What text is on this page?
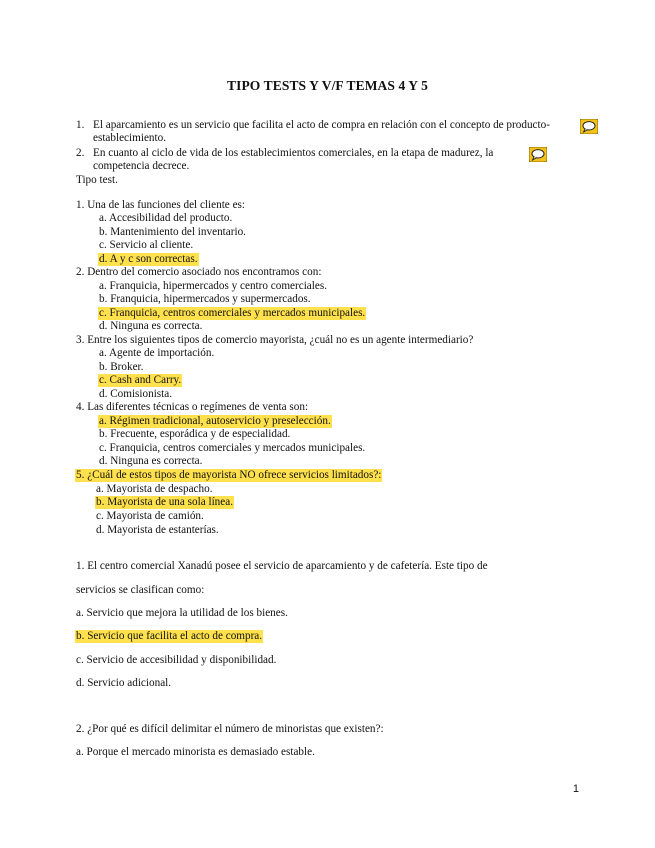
TIPO TESTS Y V/F TEMAS 4 Y 5
1. El aparcamiento es un servicio que facilita el acto de compra en relación con el concepto de producto-
establecimiento.
2. En cuanto al ciclo de vida de los establecimientos comerciales, en la etapa de madurez, la
competencia decrece.
Tipo test.
1. Una de las funciones del cliente es:
a. Accesibilidad del producto.
b. Mantenimiento del inventario.
c. Servicio al cliente.
d. A y c son correctas.
2. Dentro del comercio asociado nos encontramos con:
a. Franquicia, hipermercados y centro comerciales.
b. Franquicia, hipermercados y supermercados.
c. Franquicia, centros comerciales y mercados municipales.
d. Ninguna es correcta.
3. Entre los siguientes tipos de comercio mayorista, ¿cuál no es un agente intermediario?
a. Agente de importación.
b. Broker.
c. Cash and Carry.
d. Comisionista.
4. Las diferentes técnicas o regímenes de venta son:
a. Régimen tradicional, autoservicio y preselección.
b. Frecuente, esporádica y de especialidad.
c. Franquicia, centros comerciales y mercados municipales.
d. Ninguna es correcta.
5. ¿Cuál de estos tipos de mayorista NO ofrece servicios limitados?:
a. Mayorista de despacho.
b. Mayorista de una sola línea.
c. Mayorista de camión.
d. Mayorista de estanterías.
1. El centro comercial Xanadú posee el servicio de aparcamiento y de cafetería. Este tipo de
servicios se clasifican como:
a. Servicio que mejora la utilidad de los bienes.
b. Servicio que facilita el acto de compra.
c. Servicio de accesibilidad y disponibilidad.
d. Servicio adicional.
2. ¿Por qué es difícil delimitar el número de minoristas que existen?:
a. Porque el mercado minorista es demasiado estable.
1
